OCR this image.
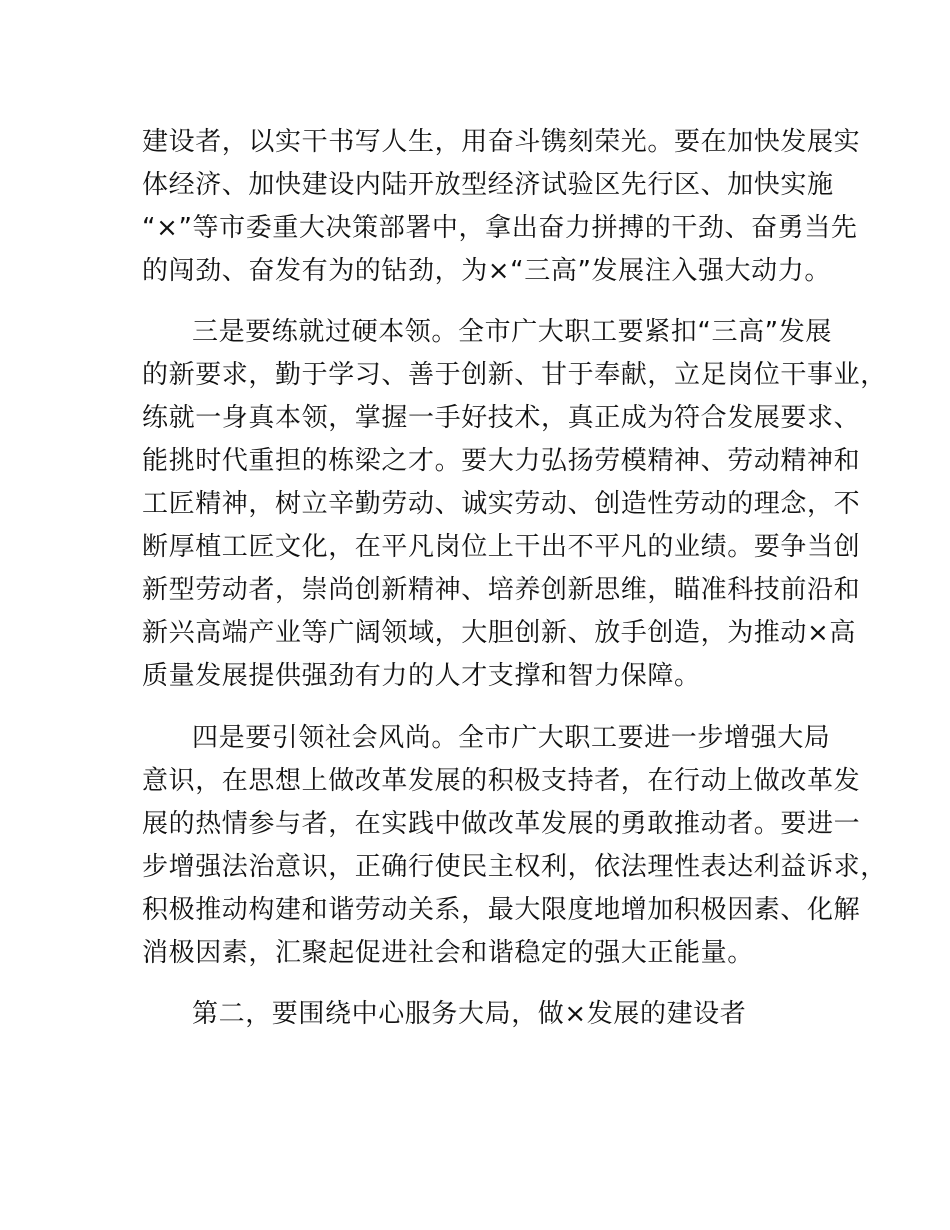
建设者，以实干书写人生，用奋斗镌刻荣光。要在加快发展实
体经济、加快建设内陆开放型经济试验区先行区、加快实施
“×”等市委重大决策部署中，拿出奋力拼搏的干劲、奋勇当先
的闯劲、奋发有为的钻劲，为×“三高”发展注入强大动力。
三是要练就过硬本领。全市广大职工要紧扣“三高”发展
的新要求，勤于学习、善于创新、甘于奉献，立足岗位干事业，
练就一身真本领，掌握一手好技术，真正成为符合发展要求、
能挑时代重担的栋梁之才。要大力弘扬劳模精神、劳动精神和
工匠精神，树立辛勤劳动、诚实劳动、创造性劳动的理念，不
断厚植工匠文化，在平凡岗位上干出不平凡的业绩。要争当创
新型劳动者，崇尚创新精神、培养创新思维，瞄准科技前沿和
新兴高端产业等广阔领域，大胆创新、放手创造，为推动×高
质量发展提供强劲有力的人才支撑和智力保障。
四是要引领社会风尚。全市广大职工要进一步增强大局
意识，在思想上做改革发展的积极支持者，在行动上做改革发
展的热情参与者，在实践中做改革发展的勇敢推动者。要进一
步增强法治意识，正确行使民主权利，依法理性表达利益诉求，
积极推动构建和谐劳动关系，最大限度地增加积极因素、化解
消极因素，汇聚起促进社会和谐稳定的强大正能量。
第二，要围绕中心服务大局，做×发展的建设者
